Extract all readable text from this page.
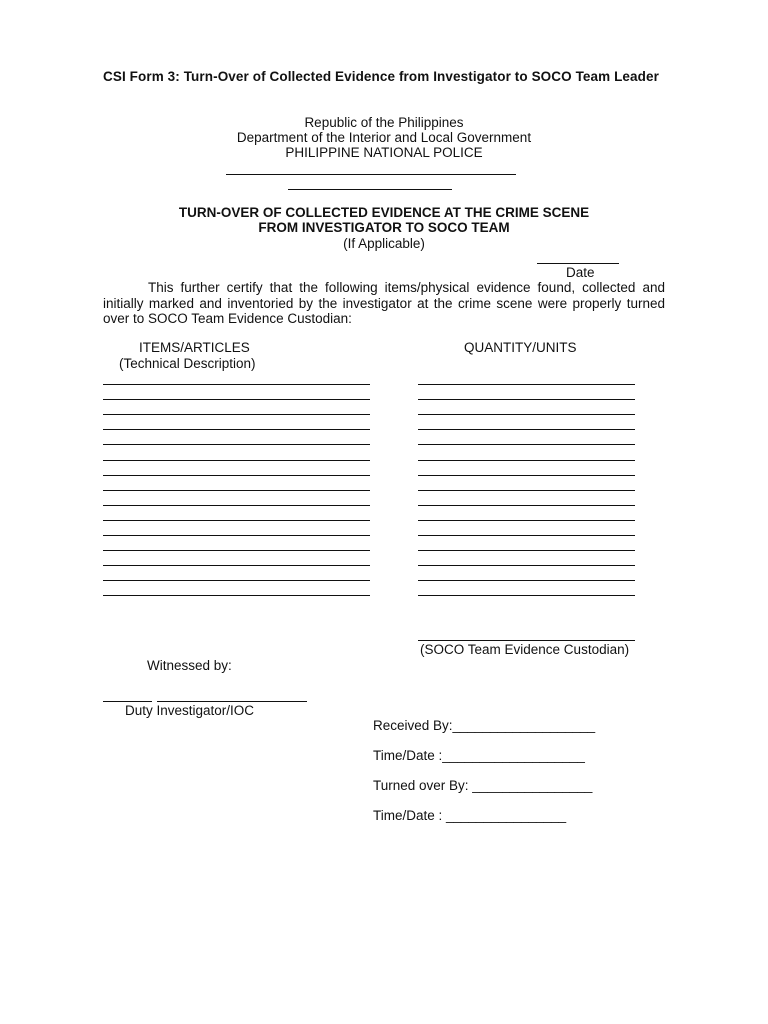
CSI Form 3: Turn-Over of Collected Evidence from Investigator to SOCO Team Leader
Republic of the Philippines
Department of the Interior and Local Government
PHILIPPINE NATIONAL POLICE
TURN-OVER OF COLLECTED EVIDENCE AT THE CRIME SCENE
FROM INVESTIGATOR TO SOCO TEAM
(If Applicable)
Date
This further certify that the following items/physical evidence found, collected and initially marked and inventoried by the investigator at the crime scene were properly turned over to SOCO Team Evidence Custodian:
ITEMS/ARTICLES
(Technical Description)
QUANTITY/UNITS
(SOCO Team Evidence Custodian)
Witnessed by:
Duty Investigator/IOC
Received By:___________________
Time/Date :___________________
Turned over By: ________________
Time/Date : ________________
